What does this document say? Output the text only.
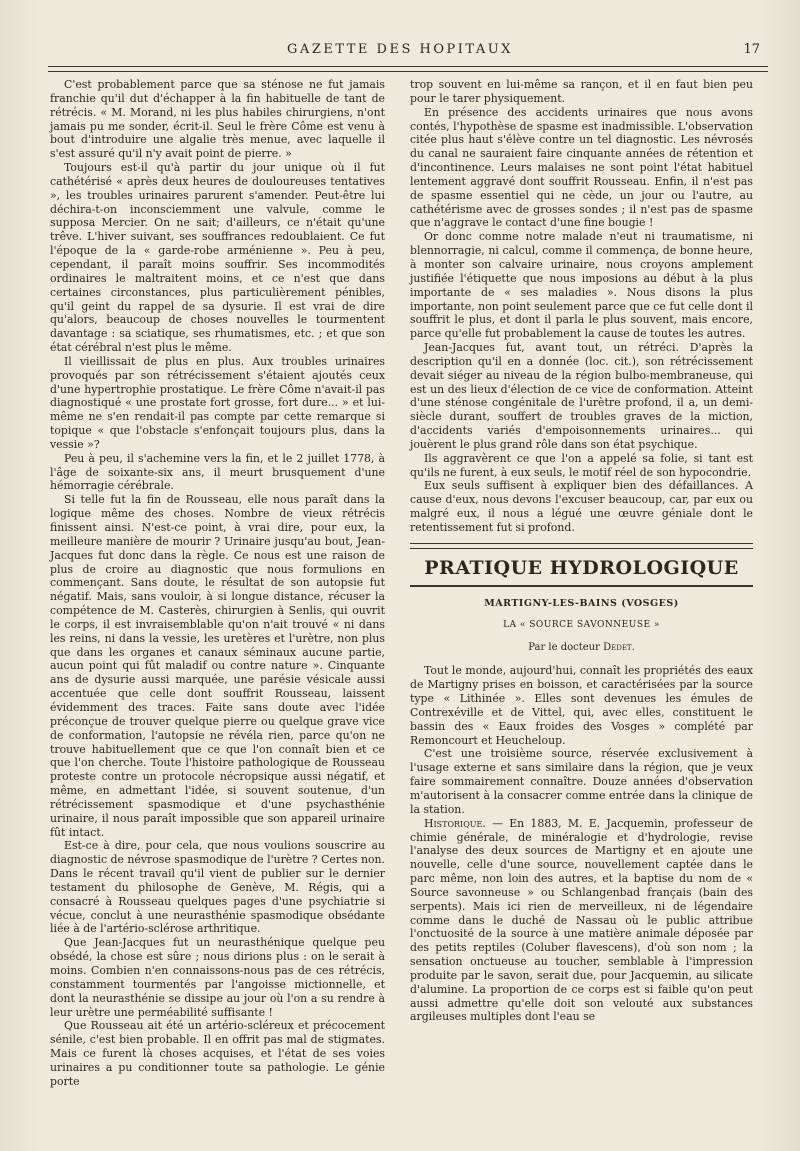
GAZETTE DES HOPITAUX	17

C'est probablement parce que sa sténose ne fut jamais franchie qu'il dut d'échapper à la fin habituelle de tant de rétrécis. « M. Morand, ni les plus habiles chirurgiens, n'ont jamais pu me sonder, écrit-il. Seul le frère Côme est venu à bout d'introduire une algalie très menue, avec laquelle il s'est assuré qu'il n'y avait point de pierre. »

Toujours est-il qu'à partir du jour unique où il fut cathétérisé « après deux heures de douloureuses tentatives », les troubles urinaires parurent s'amender. Peut-être lui déchira-t-on inconsciemment une valvule, comme le supposa Mercier. On ne sait; d'ailleurs, ce n'était qu'une trêve. L'hiver suivant, ses souffrances redoublaient. Ce fut l'époque de la « garde-robe arménienne ». Peu à peu, cependant, il paraît moins souffrir. Ses incommodités ordinaires le maltraitent moins, et ce n'est que dans certaines circonstances, plus particulièrement pénibles, qu'il geint du rappel de sa dysurie. Il est vrai de dire qu'alors, beaucoup de choses nouvelles le tourmentent davantage : sa sciatique, ses rhumatismes, etc. ; et que son état cérébral n'est plus le même.

Il vieillissait de plus en plus. Aux troubles urinaires provoqués par son rétrécissement s'étaient ajoutés ceux d'une hypertrophie prostatique. Le frère Côme n'avait-il pas diagnostiqué « une prostate fort grosse, fort dure... » et lui-même ne s'en rendait-il pas compte par cette remarque si topique « que l'obstacle s'enfonçait toujours plus, dans la vessie »?

Peu à peu, il s'achemine vers la fin, et le 2 juillet 1778, à l'âge de soixante-six ans, il meurt brusquement d'une hémorragie cérébrale.

Si telle fut la fin de Rousseau, elle nous paraît dans la logique même des choses. Nombre de vieux rétrécis finissent ainsi. N'est-ce point, à vrai dire, pour eux, la meilleure manière de mourir ? Urinaire jusqu'au bout, Jean-Jacques fut donc dans la règle. Ce nous est une raison de plus de croire au diagnostic que nous formulions en commençant. Sans doute, le résultat de son autopsie fut négatif. Mais, sans vouloir, à si longue distance, récuser la compétence de M. Casterès, chirurgien à Senlis, qui ouvrit le corps, il est invraisemblable qu'on n'ait trouvé « ni dans les reins, ni dans la vessie, les uretères et l'urètre, non plus que dans les organes et canaux séminaux aucune partie, aucun point qui fût maladif ou contre nature ». Cinquante ans de dysurie aussi marquée, une parésie vésicale aussi accentuée que celle dont souffrit Rousseau, laissent évidemment des traces. Faite sans doute avec l'idée préconçue de trouver quelque pierre ou quelque grave vice de conformation, l'autopsie ne révéla rien, parce qu'on ne trouve habituellement que ce que l'on connaît bien et ce que l'on cherche. Toute l'histoire pathologique de Rousseau proteste contre un protocole nécropsique aussi négatif, et même, en admettant l'idée, si souvent soutenue, d'un rétrécissement spasmodique et d'une psychasthénie urinaire, il nous paraît impossible que son appareil urinaire fût intact.

Est-ce à dire, pour cela, que nous voulions souscrire au diagnostic de névrose spasmodique de l'urètre ? Certes non. Dans le récent travail qu'il vient de publier sur le dernier testament du philosophe de Genève, M. Régis, qui a consacré à Rousseau quelques pages d'une psychiatrie si vécue, conclut à une neurasthénie spasmodique obsédante liée à de l'artério-sclérose arthritique.

Que Jean-Jacques fut un neurasthénique quelque peu obsédé, la chose est sûre ; nous dirions plus : on le serait à moins. Combien n'en connaissons-nous pas de ces rétrécis, constamment tourmentés par l'angoisse mictionnelle, et dont la neurasthénie se dissipe au jour où l'on a su rendre à leur urètre une perméabilité suffisante !

Que Rousseau ait été un artério-scléreux et précocement sénile, c'est bien probable. Il en offrit pas mal de stigmates. Mais ce furent là choses acquises, et l'état de ses voies urinaires a pu conditionner toute sa pathologie. Le génie porte

trop souvent en lui-même sa rançon, et il en faut bien peu pour le tarer physiquement.

En présence des accidents urinaires que nous avons contés, l'hypothèse de spasme est inadmissible. L'observation citée plus haut s'élève contre un tel diagnostic. Les névrosés du canal ne sauraient faire cinquante années de rétention et d'incontinence. Leurs malaises ne sont point l'état habituel lentement aggravé dont souffrit Rousseau. Enfin, il n'est pas de spasme essentiel qui ne cède, un jour ou l'autre, au cathétérisme avec de grosses sondes ; il n'est pas de spasme que n'aggrave le contact d'une fine bougie !

Or donc comme notre malade n'eut ni traumatisme, ni blennorragie, ni calcul, comme il commença, de bonne heure, à monter son calvaire urinaire, nous croyons amplement justifiée l'étiquette que nous imposions au début à la plus importante de « ses maladies ». Nous disons la plus importante, non point seulement parce que ce fut celle dont il souffrit le plus, et dont il parla le plus souvent, mais encore, parce qu'elle fut probablement la cause de toutes les autres.

Jean-Jacques fut, avant tout, un rétréci. D'après la description qu'il en a donnée (loc. cit.), son rétrécissement devait siéger au niveau de la région bulbo-membraneuse, qui est un des lieux d'élection de ce vice de conformation. Atteint d'une sténose congénitale de l'urètre profond, il a, un demi-siècle durant, souffert de troubles graves de la miction, d'accidents variés d'empoisonnements urinaires... qui jouèrent le plus grand rôle dans son état psychique.

Ils aggravèrent ce que l'on a appelé sa folie, si tant est qu'ils ne furent, à eux seuls, le motif réel de son hypocondrie.

Eux seuls suffisent à expliquer bien des défaillances. A cause d'eux, nous devons l'excuser beaucoup, car, par eux ou malgré eux, il nous a légué une œuvre géniale dont le retentissement fut si profond.

PRATIQUE HYDROLOGIQUE
MARTIGNY-LES-BAINS (VOSGES)
LA « SOURCE SAVONNEUSE »
Par le docteur Dedet.

Tout le monde, aujourd'hui, connaît les propriétés des eaux de Martigny prises en boisson, et caractérisées par la source type « Lithinée ». Elles sont devenues les émules de Contrexéville et de Vittel, qui, avec elles, constituent le bassin des « Eaux froides des Vosges » complété par Remoncourt et Heucheloup.

C'est une troisième source, réservée exclusivement à l'usage externe et sans similaire dans la région, que je veux faire sommairement connaître. Douze années d'observation m'autorisent à la consacrer comme entrée dans la clinique de la station.

Historique. — En 1883, M. E. Jacquemin, professeur de chimie générale, de minéralogie et d'hydrologie, revise l'analyse des deux sources de Martigny et en ajoute une nouvelle, celle d'une source, nouvellement captée dans le parc même, non loin des autres, et la baptise du nom de « Source savonneuse » ou Schlangenbad français (bain des serpents). Mais ici rien de merveilleux, ni de légendaire comme dans le duché de Nassau où le public attribue l'onctuosité de la source à une matière animale déposée par des petits reptiles (Coluber flavescens), d'où son nom ; la sensation onctueuse au toucher, semblable à l'impression produite par le savon, serait due, pour Jacquemin, au silicate d'alumine. La proportion de ce corps est si faible qu'on peut aussi admettre qu'elle doit son velouté aux substances argileuses multiples dont l'eau se
